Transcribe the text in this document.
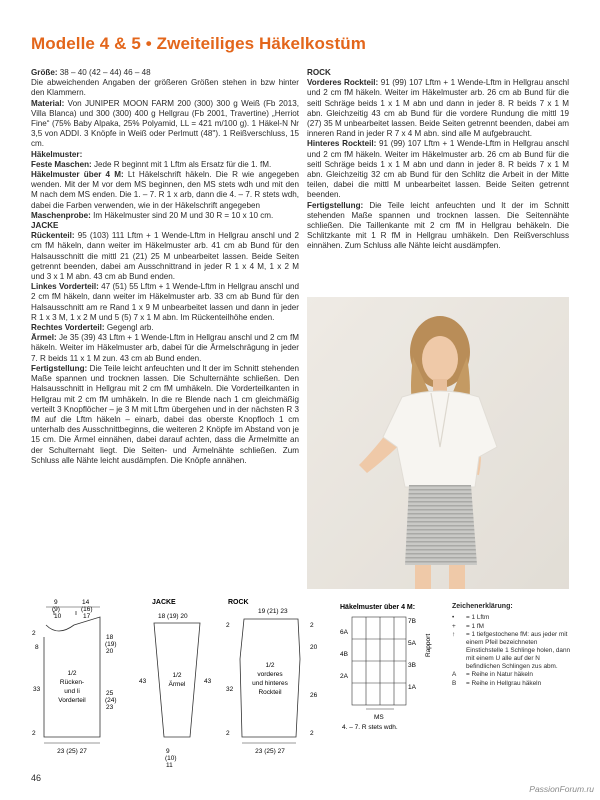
Modelle 4 & 5 • Zweiteiliges Häkelkostüm

Größe: 38 – 40 (42 – 44) 46 – 48

Die abweichenden Angaben der größeren Größen stehen in bzw hinter den Klammern.

Material: Von JUNIPER MOON FARM 200 (300) 300 g Weiß (Fb 2013, Villa Blanca) und 300 (300) 400 g Hellgrau (Fb 2001, Travertine) „Herriot Fine“ (75% Baby Alpaka, 25% Polyamid, LL = 421 m/100 g). 1 Häkel-N Nr 3,5 von ADDI. 3 Knöpfe in Weiß oder Perlmutt (48''). 1 Reißverschluss, 15 cm.

Häkelmuster:

Feste Maschen: Jede R beginnt mit 1 Lftm als Ersatz für die 1. fM.

Häkelmuster über 4 M: Lt Häkelschrift häkeln. Die R wie angegeben wenden. Mit der M vor dem MS beginnen, den MS stets wdh und mit den M nach dem MS enden. Die 1. – 7. R 1 x arb, dann die 4. – 7. R stets wdh, dabei die Farben verwenden, wie in der Häkelschrift angegeben

Maschenprobe: Im Häkelmuster sind 20 M und 30 R = 10 x 10 cm.

JACKE

Rückenteil: 95 (103) 111 Lftm + 1 Wende-Lftm in Hellgrau anschl und 2 cm fM häkeln, dann weiter im Häkelmuster arb. 41 cm ab Bund für den Halsausschnitt die mittl 21 (21) 25 M unbearbeitet lassen. Beide Seiten getrennt beenden, dabei am Ausschnittrand in jeder R 1 x 4 M, 1 x 2 M und 3 x 1 M abn. 43 cm ab Bund enden.

Linkes Vorderteil: 47 (51) 55 Lftm + 1 Wende-Lftm in Hellgrau anschl und 2 cm fM häkeln, dann weiter im Häkelmuster arb. 33 cm ab Bund für den Halsausschnitt am re Rand 1 x 9 M unbearbeitet lassen und dann in jeder R 1 x 3 M, 1 x 2 M und 5 (5) 7 x 1 M abn. Im Rückenteilhöhe enden.

Rechtes Vorderteil: Gegengl arb.

Ärmel: Je 35 (39) 43 Lftm + 1 Wende-Lftm in Hellgrau anschl und 2 cm fM häkeln. Weiter im Häkelmuster arb, dabei für die Ärmelschrägung in jeder 7. R beids 11 x 1 M zun. 43 cm ab Bund enden.

Fertigstellung: Die Teile leicht anfeuchten und lt der im Schnitt stehenden Maße spannen und trocknen lassen. Die Schulternähte schließen. Den Halsausschnitt in Hellgrau mit 2 cm fM umhäkeln. Die Vorderteilkanten in Hellgrau mit 2 cm fM umhäkeln. In die re Blende nach 1 cm gleichmäßig verteilt 3 Knopflöcher – je 3 M mit Lftm übergehen und in der nächsten R 3 fM auf die Lftm häkeln – einarb, dabei das oberste Knopfloch 1 cm unterhalb des Ausschnittbeginns, die weiteren 2 Knöpfe im Abstand von je 15 cm. Die Ärmel einnähen, dabei darauf achten, dass die Ärmelmitte an der Schulternaht liegt. Die Seiten- und Ärmelnähte schließen. Zum Schluss alle Nähte leicht ausdämpfen. Die Knöpfe annähen.

ROCK

Vorderes Rockteil: 91 (99) 107 Lftm + 1 Wende-Lftm in Hellgrau anschl und 2 cm fM häkeln. Weiter im Häkelmuster arb. 26 cm ab Bund für die seitl Schräge beids 1 x 1 M abn und dann in jeder 8. R beids 7 x 1 M abn. Gleichzeitig 43 cm ab Bund für die vordere Rundung die mittl 19 (27) 35 M unbearbeitet lassen. Beide Seiten getrennt beenden, dabei am inneren Rand in jeder R 7 x 4 M abn. sind alle M aufgebraucht.

Hinteres Rockteil: 91 (99) 107 Lftm + 1 Wende-Lftm in Hellgrau anschl und 2 cm fM häkeln. Weiter im Häkelmuster arb. 26 cm ab Bund für die seitl Schräge beids 1 x 1 M abn und dann in jeder 8. R beids 7 x 1 M abn. Gleichzeitig 32 cm ab Bund für den Schlitz die Arbeit in der Mitte teilen, dabei die mittl M unbearbeitet lassen. Beide Seiten getrennt beenden.

Fertigstellung: Die Teile leicht anfeuchten und lt der im Schnitt stehenden Maße spannen und trocknen lassen. Die Seitennähte schließen. Die Taillenkante mit 2 cm fM in Hellgrau behäkeln. Die Schlitzkante mit 1 R fM in Hellgrau umhäkeln. Den Reißverschluss einnähen. Zum Schluss alle Nähte leicht ausdämpfen.

9
(9)
10
14
(16)
17
2
8
33
2
18
(19)
20
25
(24)
23
1/2
Rücken-
und li
Vorderteil
23 (25) 27
JACKE
18 (19) 20
43	43
1/2
Ärmel
9
(10)
11
ROCK
19 (21) 23
1/2
vorderes
und hinteres
Rockteil
2
32
2
2
20
26
2
23 (25) 27
Häkelmuster über 4 M:
7B
5A
3B
1A
6A
4B
2A
Rapport
MS
4. – 7. R stets wdh.
Zeichenerklärung:
•	= 1 Lftm
+	= 1 fM
↑	= 1 tiefgestochene fM: aus jeder mit einem Pfeil bezeichneten Einstichstelle 1 Schlinge holen, dann mit einem U alle auf der N befindlichen Schlingen zus abm.
A	= Reihe in Natur häkeln
B	= Reihe in Hellgrau häkeln
46
PassionForum.ru
